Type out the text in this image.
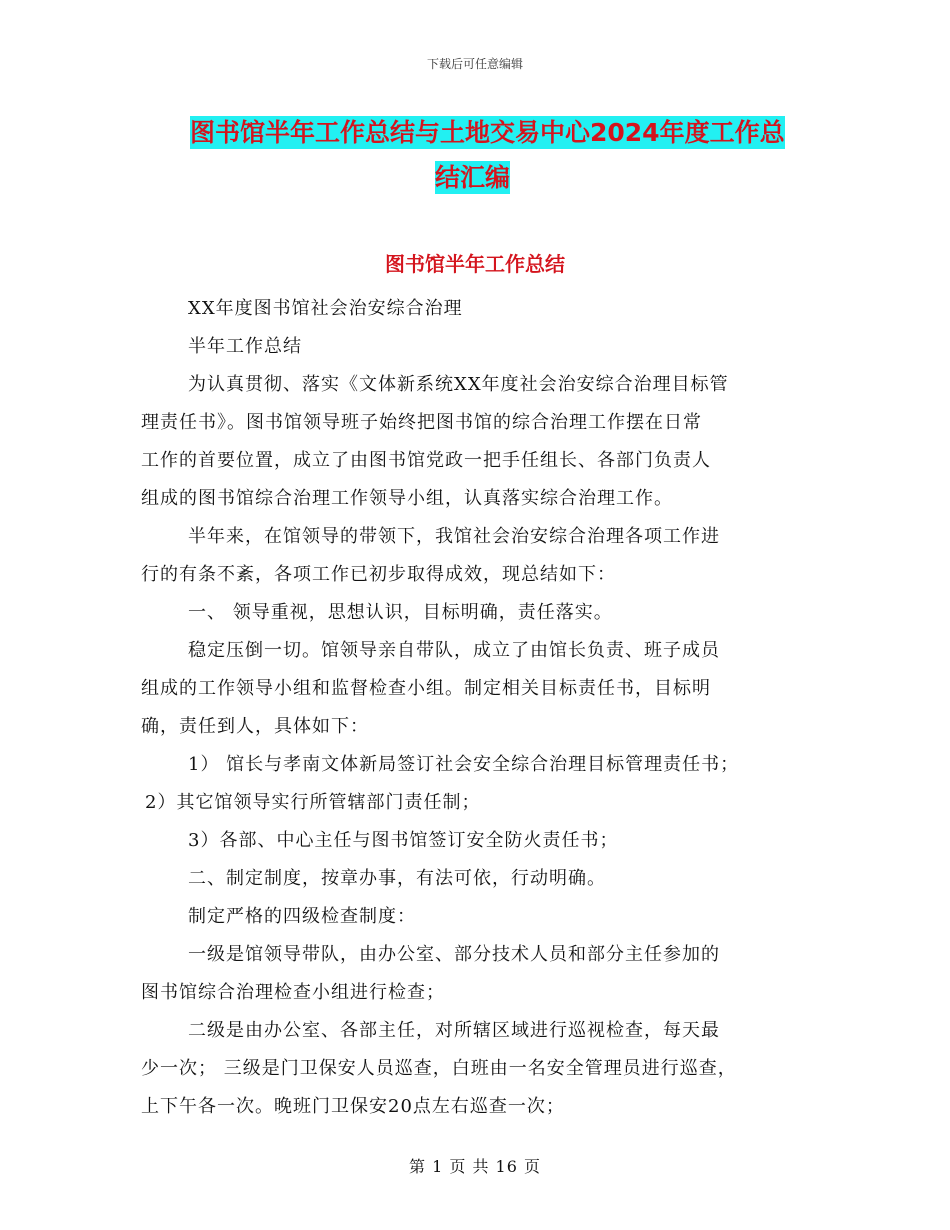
下载后可任意编辑
图书馆半年工作总结与土地交易中心2024年度工作总
结汇编
图书馆半年工作总结
XX年度图书馆社会治安综合治理
半年工作总结
为认真贯彻、落实《文体新系统XX年度社会治安综合治理目标管
理责任书》。图书馆领导班子始终把图书馆的综合治理工作摆在日常
工作的首要位置，成立了由图书馆党政一把手任组长、各部门负责人
组成的图书馆综合治理工作领导小组，认真落实综合治理工作。
半年来，在馆领导的带领下，我馆社会治安综合治理各项工作进
行的有条不紊，各项工作已初步取得成效，现总结如下：
一、 领导重视，思想认识，目标明确，责任落实。
稳定压倒一切。馆领导亲自带队，成立了由馆长负责、班子成员
组成的工作领导小组和监督检查小组。制定相关目标责任书，目标明
确，责任到人，具体如下：
1） 馆长与孝南文体新局签订社会安全综合治理目标管理责任书；
2）其它馆领导实行所管辖部门责任制；
3）各部、中心主任与图书馆签订安全防火责任书；
二、制定制度，按章办事，有法可依，行动明确。
制定严格的四级检查制度：
一级是馆领导带队，由办公室、部分技术人员和部分主任参加的
图书馆综合治理检查小组进行检查；
二级是由办公室、各部主任，对所辖区域进行巡视检查，每天最
少一次； 三级是门卫保安人员巡查，白班由一名安全管理员进行巡查，
上下午各一次。晚班门卫保安20点左右巡查一次；
第 1 页 共 16 页
